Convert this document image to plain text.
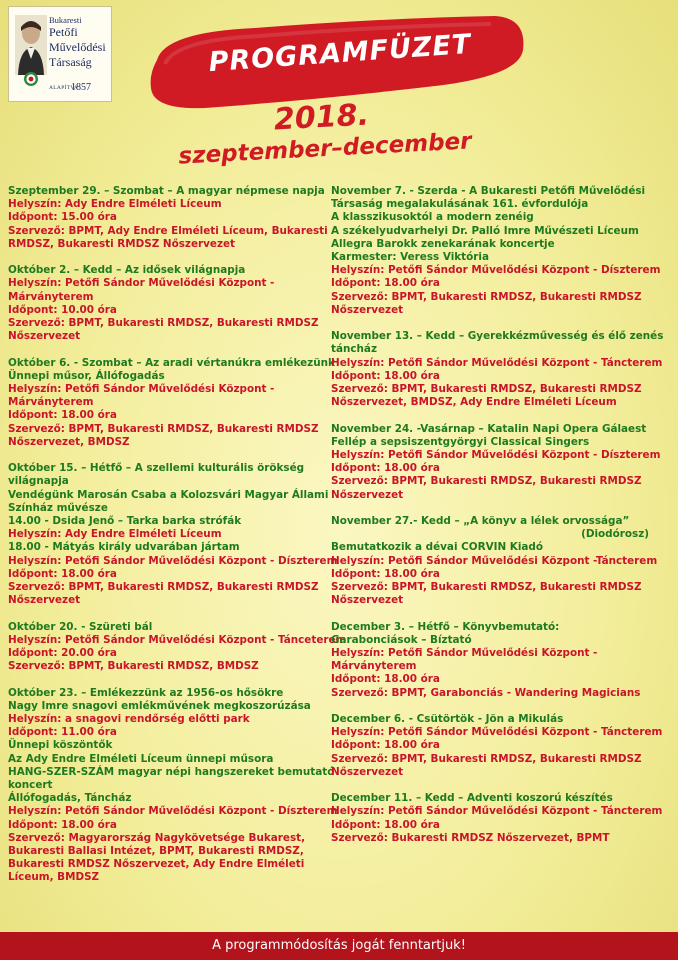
Bukaresti
Petőfi Művelődési Társaság
ALAPÍTVA
1857
PROGRAMFÜZET
2018.
szeptember–december
Szeptember 29. – Szombat – A magyar népmese napja
Helyszín: Ady Endre Elméleti Líceum
Időpont: 15.00 óra
Szervező: BPMT, Ady Endre Elméleti Líceum, Bukaresti
RMDSZ, Bukaresti RMDSZ Nőszervezet
Október 2. – Kedd – Az idősek világnapja
Helyszín: Petőfi Sándor Művelődési Központ -
Márványterem
Időpont: 10.00 óra
Szervező: BPMT, Bukaresti RMDSZ, Bukaresti RMDSZ
Nőszervezet
Október 6. - Szombat – Az aradi vértanúkra emlékezünk
Ünnepi műsor, Állófogadás
Helyszín: Petőfi Sándor Művelődési Központ -
Márványterem
Időpont: 18.00 óra
Szervező: BPMT, Bukaresti RMDSZ, Bukaresti RMDSZ
Nőszervezet, BMDSZ
Október 15. – Hétfő – A szellemi kulturális örökség
világnapja
Vendégünk Marosán Csaba a Kolozsvári Magyar Állami
Színház művésze
14.00 - Dsida Jenő – Tarka barka strófák
Helyszín: Ady Endre Elméleti Líceum
18.00 - Mátyás király udvarában jártam
Helyszín: Petőfi Sándor Művelődési Központ - Díszterem
Időpont: 18.00 óra
Szervező: BPMT, Bukaresti RMDSZ, Bukaresti RMDSZ
Nőszervezet
Október 20. - Szüreti bál
Helyszín: Petőfi Sándor Művelődési Központ - Tánceterem
Időpont: 20.00 óra
Szervező: BPMT, Bukaresti RMDSZ, BMDSZ
Október 23. – Emlékezzünk az 1956-os hősökre
Nagy Imre snagovi emlékművének megkoszorúzása
Helyszín: a snagovi rendőrség előtti park
Időpont: 11.00 óra
Ünnepi köszöntők
Az Ady Endre Elméleti Líceum ünnepi műsora
HANG-SZER-SZÁM magyar népi hangszereket bemutató
koncert
Állófogadás, Táncház
Helyszín: Petőfi Sándor Művelődési Központ - Díszterem
Időpont: 18.00 óra
Szervező: Magyarország Nagykövetsége Bukarest,
Bukaresti Ballasi Intézet, BPMT, Bukaresti RMDSZ,
Bukaresti RMDSZ Nőszervezet, Ady Endre Elméleti
Líceum, BMDSZ
November 7. - Szerda - A Bukaresti Petőfi Művelődési
Társaság megalakulásának 161. évfordulója
A klasszikusoktól a modern zenéig
A székelyudvarhelyi Dr. Palló Imre Művészeti Líceum
Allegra Barokk zenekarának koncertje
Karmester: Veress Viktória
Helyszín: Petőfi Sándor Művelődési Központ - Díszterem
Időpont: 18.00 óra
Szervező: BPMT, Bukaresti RMDSZ, Bukaresti RMDSZ
Nőszervezet
November 13. – Kedd – Gyerekkézművesség és élő zenés
táncház
Helyszín: Petőfi Sándor Művelődési Központ - Táncterem
Időpont: 18.00 óra
Szervező: BPMT, Bukaresti RMDSZ, Bukaresti RMDSZ
Nőszervezet, BMDSZ, Ady Endre Elméleti Líceum
November 24. -Vasárnap – Katalin Napi Opera Gálaest
Fellép a sepsiszentgyörgyi Classical Singers
Helyszín: Petőfi Sándor Művelődési Központ - Díszterem
Időpont: 18.00 óra
Szervező: BPMT, Bukaresti RMDSZ, Bukaresti RMDSZ
Nőszervezet
November 27.- Kedd – „A könyv a lélek orvossága”
(Diodórosz)
Bemutatkozik a dévai CORVIN Kiadó
Helyszín: Petőfi Sándor Művelődési Központ -Táncterem
Időpont: 18.00 óra
Szervező: BPMT, Bukaresti RMDSZ, Bukaresti RMDSZ
Nőszervezet
December 3. – Hétfő – Könyvbemutató:
Garabonciások – Bíztató
Helyszín: Petőfi Sándor Művelődési Központ -
Márványterem
Időpont: 18.00 óra
Szervező: BPMT, Garabonciás - Wandering Magicians
December 6. - Csütörtök - Jön a Mikulás
Helyszín: Petőfi Sándor Művelődési Központ - Táncterem
Időpont: 18.00 óra
Szervező: BPMT, Bukaresti RMDSZ, Bukaresti RMDSZ
Nőszervezet
December 11. – Kedd – Adventi koszorú készítés
Helyszín: Petőfi Sándor Művelődési Központ - Táncterem
Időpont: 18.00 óra
Szervező: Bukaresti RMDSZ Nőszervezet, BPMT
A programmódosítás jogát fenntartjuk!
